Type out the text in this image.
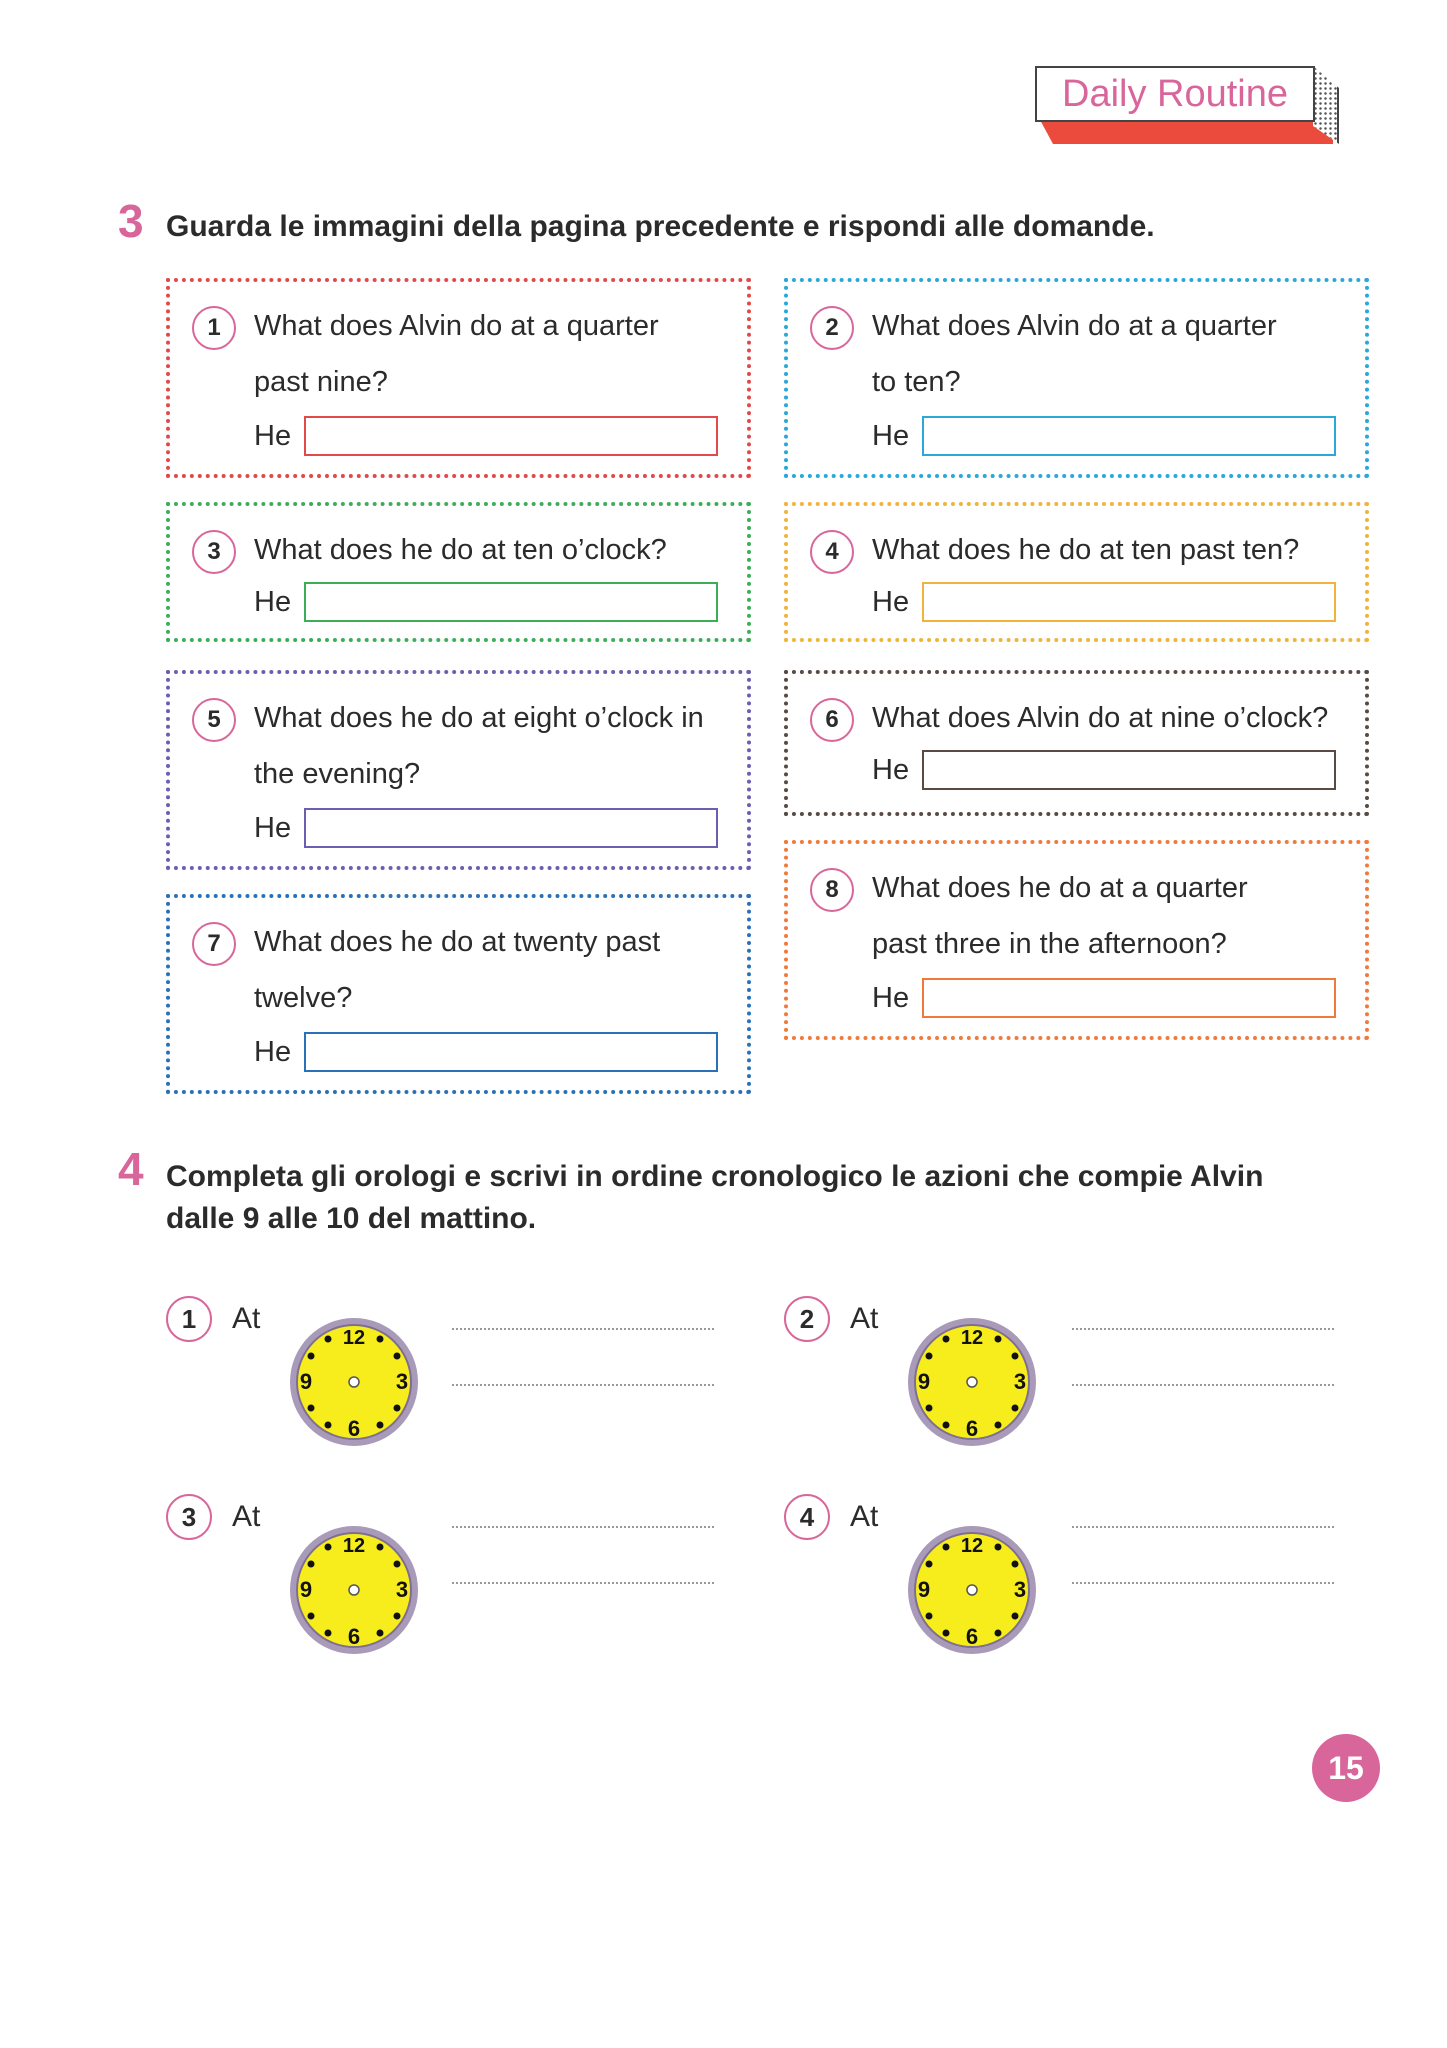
Daily Routine
3 Guarda le immagini della pagina precedente e rispondi alle domande.
1	What does Alvin do at a quarter
past nine?
He
2	What does Alvin do at a quarter
to ten?
He
3	What does he do at ten o’clock?
He
4	What does he do at ten past ten?
He
5	What does he do at eight o’clock in
the evening?
He
6	What does Alvin do at nine o’clock?
He
8	What does he do at a quarter
past three in the afternoon?
He
7	What does he do at twenty past
twelve?
He
4 Completa gli orologi e scrivi in ordine cronologico le azioni che compie Alvin
dalle 9 alle 10 del mattino.
1	At
12
3
6
9
2	At
12
3
6
9
3	At
12
3
6
9
4	At
12
3
6
9
15
